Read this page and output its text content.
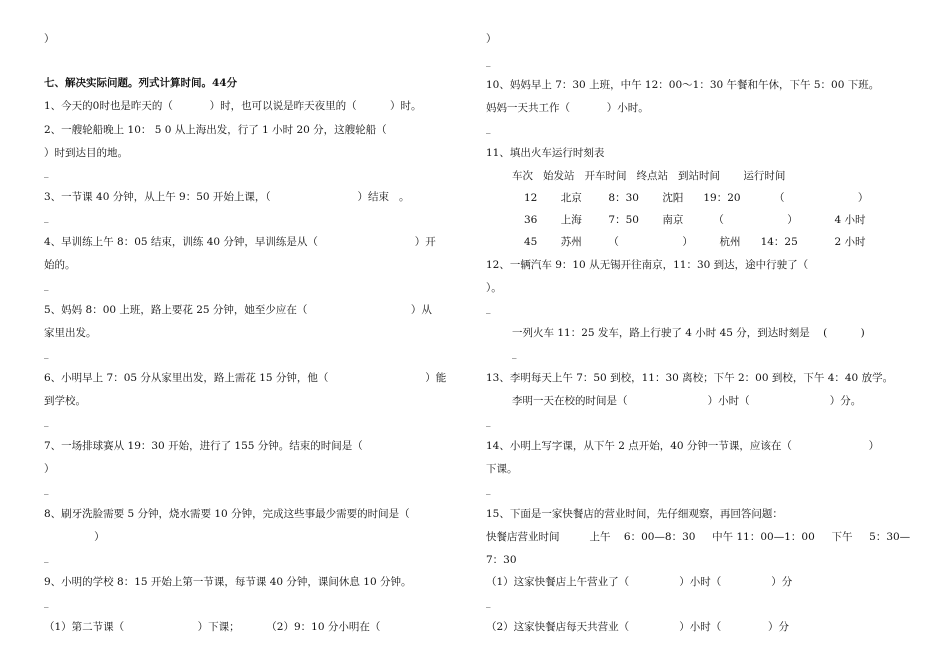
）
七、解决实际问题。列式计算时间。44分
1、今天的0时也是昨天的（           ）时，也可以说是昨天夜里的（          ）时。
2、一艘轮船晚上 10： 5 0 从上海出发，行了 1 小时 20 分，这艘轮船（
）时到达目的地。
_
3、一节课 40 分钟，从上午 9：50 开始上课，（                          ）结束   。
_
4、早训练上午 8：05 结束，训练 40 分钟，早训练是从（                             ）开
始的。
_
5、妈妈 8：00 上班，路上要花 25 分钟，她至少应在（                               ）从
家里出发。
_
6、小明早上 7：05 分从家里出发，路上需花 15 分钟，他（                             ）能
到学校。
_
7、一场排球赛从 19：30 开始，进行了 155 分钟。结束的时间是（
）
_
8、刷牙洗脸需要 5 分钟，烧水需要 10 分钟，完成这些事最少需要的时间是（
）
_
9、小明的学校 8：15 开始上第一节课，每节课 40 分钟，课间休息 10 分钟。
_
（1）第二节课（                      ）下课；        （2）9：10 分小明在（
）
_
10、妈妈早上 7：30 上班，中午 12：00～1：30 午餐和午休，下午 5：00 下班。
妈妈一天共工作（           ）小时。
_
11、填出火车运行时刻表
车次   始发站   开车时间   终点站   到站时间       运行时间
12       北京        8：30       沈阳      19：20          （                      ）
36       上海        7：50       南京         （                   ）           4 小时
45       苏州        （                   ）        杭州      14：25           2 小时
12、一辆汽车 9：10 从无锡开往南京，11：30 到达，途中行驶了（
）。
_
一列火车 11：25 发车，路上行驶了 4 小时 45 分，到达时刻是    (          )
_
13、李明每天上午 7：50 到校，11：30 离校；下午 2：00 到校，下午 4：40 放学。
李明一天在校的时间是（                        ）小时（                        ）分。
_
14、小明上写字课，从下午 2 点开始，40 分钟一节课，应该在（                       ）
下课。
_
15、下面是一家快餐店的营业时间，先仔细观察，再回答问题：
快餐店营业时间         上午    6：00—8：30     中午 11：00—1：00     下午     5：30—
7：30
（1）这家快餐店上午营业了（               ）小时（               ）分
_
（2）这家快餐店每天共营业（               ）小时（              ）分
